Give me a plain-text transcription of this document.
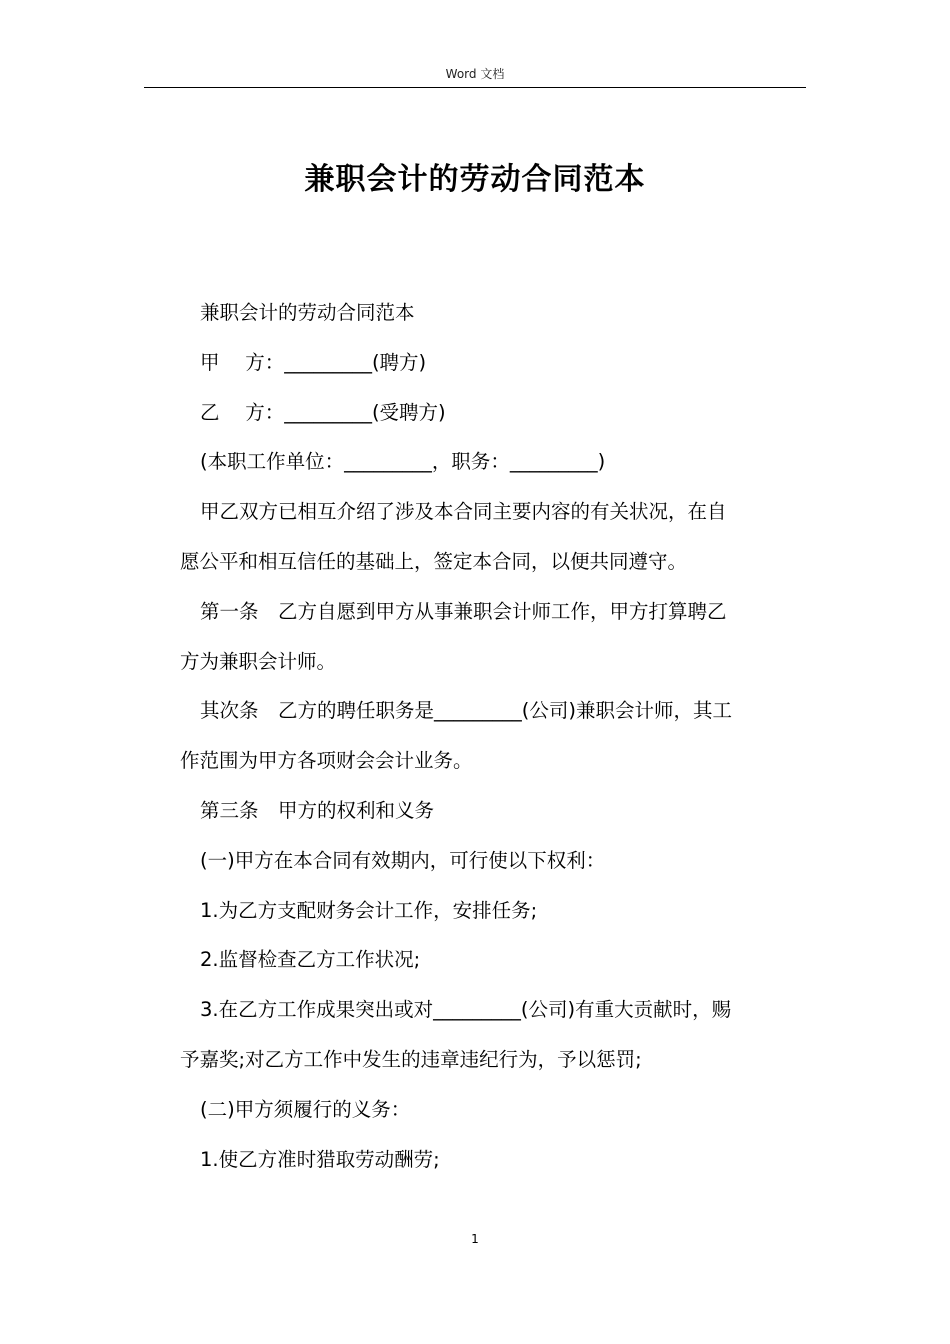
Word 文档
兼职会计的劳动合同范本

兼职会计的劳动合同范本

甲　 方：_________(聘方)

乙　 方：_________(受聘方)

(本职工作单位：_________，职务：_________)

甲乙双方已相互介绍了涉及本合同主要内容的有关状况，在自

愿公平和相互信任的基础上，签定本合同，以便共同遵守。

第一条　乙方自愿到甲方从事兼职会计师工作，甲方打算聘乙

方为兼职会计师。

其次条　乙方的聘任职务是_________(公司)兼职会计师，其工

作范围为甲方各项财会会计业务。

第三条　甲方的权利和义务

(一)甲方在本合同有效期内，可行使以下权利：

1.为乙方支配财务会计工作，安排任务;

2.监督检查乙方工作状况;

3.在乙方工作成果突出或对_________(公司)有重大贡献时，赐

予嘉奖;对乙方工作中发生的违章违纪行为，予以惩罚;

(二)甲方须履行的义务：

1.使乙方准时猎取劳动酬劳;

1
